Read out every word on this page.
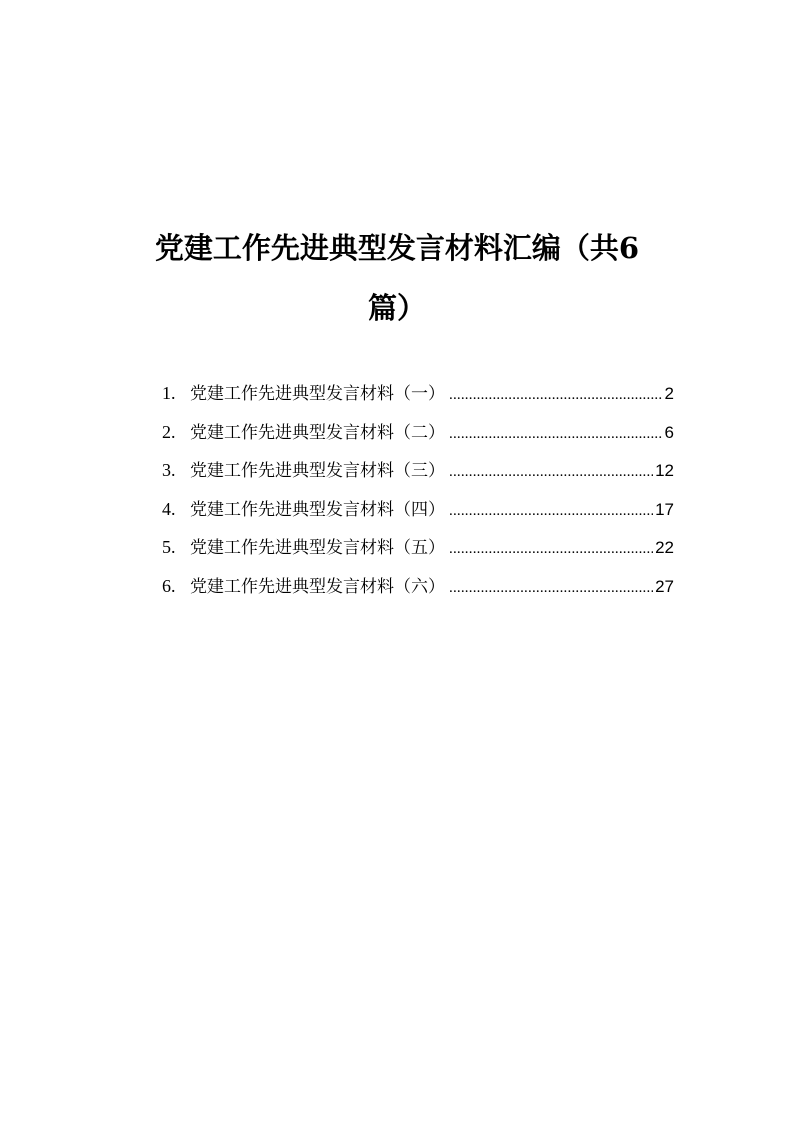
党建工作先进典型发言材料汇编（共6篇）
1. 党建工作先进典型发言材料（一） .....	2
2. 党建工作先进典型发言材料（二） .....	6
3. 党建工作先进典型发言材料（三） .....	12
4. 党建工作先进典型发言材料（四） .....	17
5. 党建工作先进典型发言材料（五） .....	22
6. 党建工作先进典型发言材料（六） .....	27
